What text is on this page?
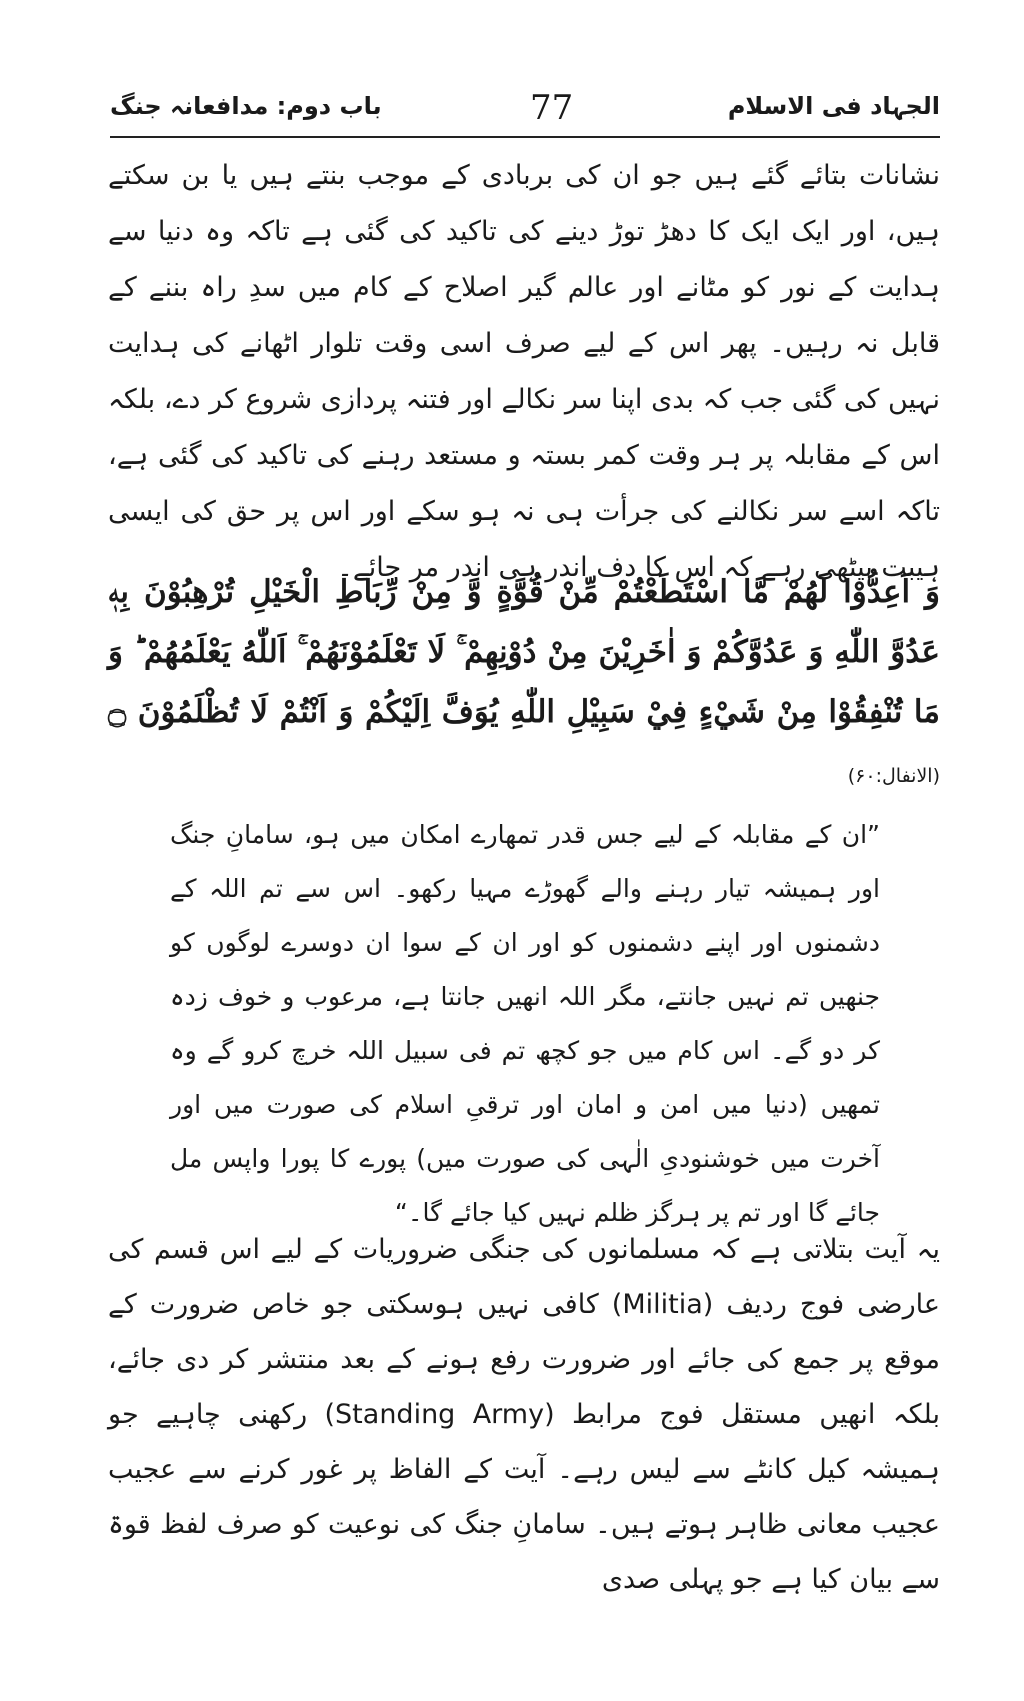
الجہاد فی الاسلام
77
باب دوم: مدافعانہ جنگ

نشانات بتائے گئے ہیں جو ان کی بربادی کے موجب بنتے ہیں یا بن سکتے ہیں، اور ایک ایک کا دھڑ توڑ دینے کی تاکید کی گئی ہے تاکہ وہ دنیا سے ہدایت کے نور کو مٹانے اور عالم گیر اصلاح کے کام میں سدِ راہ بننے کے قابل نہ رہیں۔ پھر اس کے لیے صرف اسی وقت تلوار اٹھانے کی ہدایت نہیں کی گئی جب کہ بدی اپنا سر نکالے اور فتنہ پردازی شروع کر دے، بلکہ اس کے مقابلہ پر ہر وقت کمر بستہ و مستعد رہنے کی تاکید کی گئی ہے، تاکہ اسے سر نکالنے کی جرأت ہی نہ ہو سکے اور اس پر حق کی ایسی ہیبت بیٹھی رہے کہ اس کا دف اندر ہی اندر مر جائے۔

وَ اَعِدُّوْا لَهُمْ مَّا اسْتَطَعْتُمْ مِّنْ قُوَّةٍ وَّ مِنْ رِّبَاطِ الْخَيْلِ تُرْهِبُوْنَ بِهٖ عَدُوَّ اللّٰهِ وَ عَدُوَّكُمْ وَ اٰخَرِيْنَ مِنْ دُوْنِهِمْ ۚ لَا تَعْلَمُوْنَهُمْ ۚ اَللّٰهُ يَعْلَمُهُمْ ؕ وَ مَا تُنْفِقُوْا مِنْ شَيْءٍ فِيْ سَبِيْلِ اللّٰهِ يُوَفَّ اِلَيْكُمْ وَ اَنْتُمْ لَا تُظْلَمُوْنَ ۝ (الانفال:۶۰)

”ان کے مقابلہ کے لیے جس قدر تمھارے امکان میں ہو، سامانِ جنگ اور ہمیشہ تیار رہنے والے گھوڑے مہیا رکھو۔ اس سے تم اللہ کے دشمنوں اور اپنے دشمنوں کو اور ان کے سوا ان دوسرے لوگوں کو جنھیں تم نہیں جانتے، مگر اللہ انھیں جانتا ہے، مرعوب و خوف زدہ کر دو گے۔ اس کام میں جو کچھ تم فی سبیل اللہ خرچ کرو گے وہ تمھیں (دنیا میں امن و امان اور ترقیِ اسلام کی صورت میں اور آخرت میں خوشنودیِ الٰہی کی صورت میں) پورے کا پورا واپس مل جائے گا اور تم پر ہرگز ظلم نہیں کیا جائے گا۔“

یہ آیت بتلاتی ہے کہ مسلمانوں کی جنگی ضروریات کے لیے اس قسم کی عارضی فوج ردیف (Militia) کافی نہیں ہوسکتی جو خاص ضرورت کے موقع پر جمع کی جائے اور ضرورت رفع ہونے کے بعد منتشر کر دی جائے، بلکہ انھیں مستقل فوج مرابط (Standing Army) رکھنی چاہیے جو ہمیشہ کیل کانٹے سے لیس رہے۔ آیت کے الفاظ پر غور کرنے سے عجیب عجیب معانی ظاہر ہوتے ہیں۔ سامانِ جنگ کی نوعیت کو صرف لفظ قوۃ سے بیان کیا ہے جو پہلی صدی
